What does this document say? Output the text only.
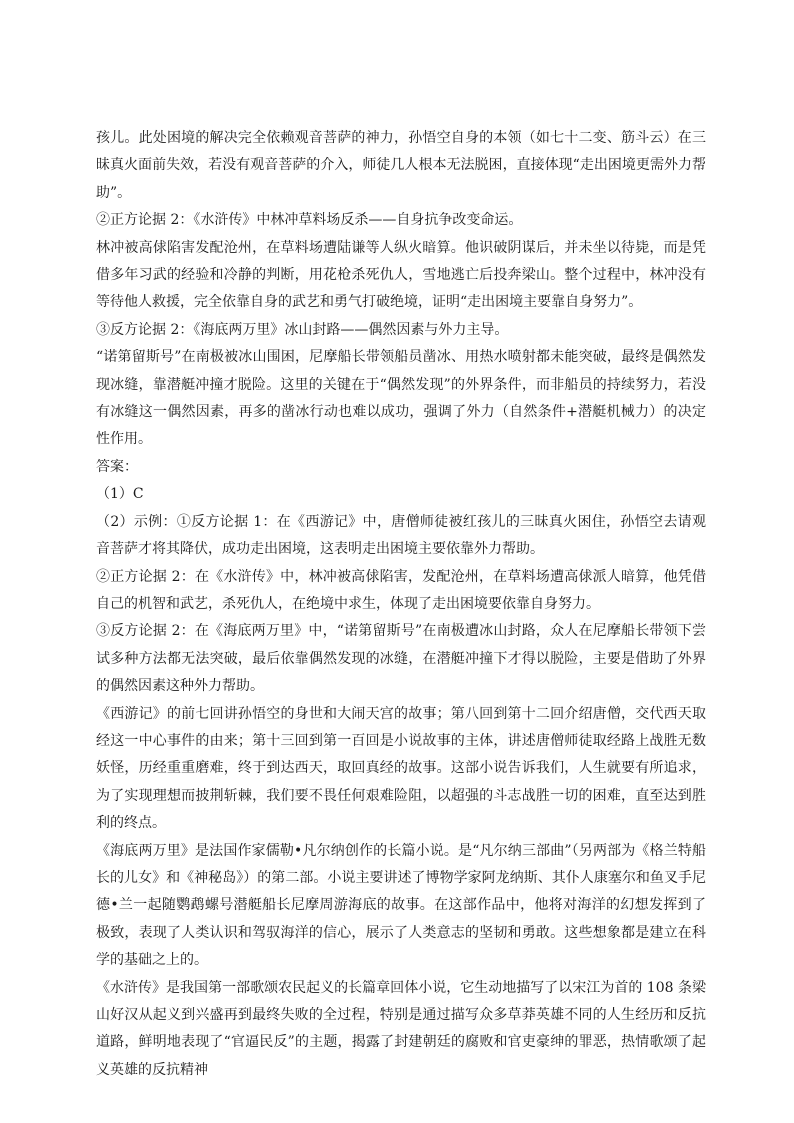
孩儿。此处困境的解决完全依赖观音菩萨的神力，孙悟空自身的本领（如七十二变、筋斗云）在三昧真火面前失效，若没有观音菩萨的介入，师徒几人根本无法脱困，直接体现“走出困境更需外力帮助”。

②正方论据 2：《水浒传》中林冲草料场反杀——自身抗争改变命运。

林冲被高俅陷害发配沧州，在草料场遭陆谦等人纵火暗算。他识破阴谋后，并未坐以待毙，而是凭借多年习武的经验和冷静的判断，用花枪杀死仇人，雪地逃亡后投奔梁山。整个过程中，林冲没有等待他人救援，完全依靠自身的武艺和勇气打破绝境，证明“走出困境主要靠自身努力”。

③反方论据 2：《海底两万里》冰山封路——偶然因素与外力主导。

“诺第留斯号”在南极被冰山围困，尼摩船长带领船员凿冰、用热水喷射都未能突破，最终是偶然发现冰缝，靠潜艇冲撞才脱险。这里的关键在于“偶然发现”的外界条件，而非船员的持续努力，若没有冰缝这一偶然因素，再多的凿冰行动也难以成功，强调了外力（自然条件+潜艇机械力）的决定性作用。

答案：

（1）C

（2）示例：①反方论据 1：在《西游记》中，唐僧师徒被红孩儿的三昧真火困住，孙悟空去请观音菩萨才将其降伏，成功走出困境，这表明走出困境主要依靠外力帮助。

②正方论据 2：在《水浒传》中，林冲被高俅陷害，发配沧州，在草料场遭高俅派人暗算，他凭借自己的机智和武艺，杀死仇人，在绝境中求生，体现了走出困境要依靠自身努力。

③反方论据 2：在《海底两万里》中，“诺第留斯号”在南极遭冰山封路，众人在尼摩船长带领下尝试多种方法都无法突破，最后依靠偶然发现的冰缝，在潜艇冲撞下才得以脱险，主要是借助了外界的偶然因素这种外力帮助。

《西游记》的前七回讲孙悟空的身世和大闹天宫的故事；第八回到第十二回介绍唐僧，交代西天取经这一中心事件的由来；第十三回到第一百回是小说故事的主体，讲述唐僧师徒取经路上战胜无数妖怪，历经重重磨难，终于到达西天，取回真经的故事。这部小说告诉我们，人生就要有所追求，为了实现理想而披荆斩棘，我们要不畏任何艰难险阻，以超强的斗志战胜一切的困难，直至达到胜利的终点。

《海底两万里》是法国作家儒勒•凡尔纳创作的长篇小说。是“凡尔纳三部曲”（另两部为《格兰特船长的儿女》和《神秘岛》）的第二部。小说主要讲述了博物学家阿龙纳斯、其仆人康塞尔和鱼叉手尼德•兰一起随鹦鹉螺号潜艇船长尼摩周游海底的故事。在这部作品中，他将对海洋的幻想发挥到了极致，表现了人类认识和驾驭海洋的信心，展示了人类意志的坚韧和勇敢。这些想象都是建立在科学的基础之上的。

《水浒传》是我国第一部歌颂农民起义的长篇章回体小说，它生动地描写了以宋江为首的 108 条梁山好汉从起义到兴盛再到最终失败的全过程，特别是通过描写众多草莽英雄不同的人生经历和反抗道路，鲜明地表现了“官逼民反”的主题，揭露了封建朝廷的腐败和官吏豪绅的罪恶，热情歌颂了起义英雄的反抗精神
